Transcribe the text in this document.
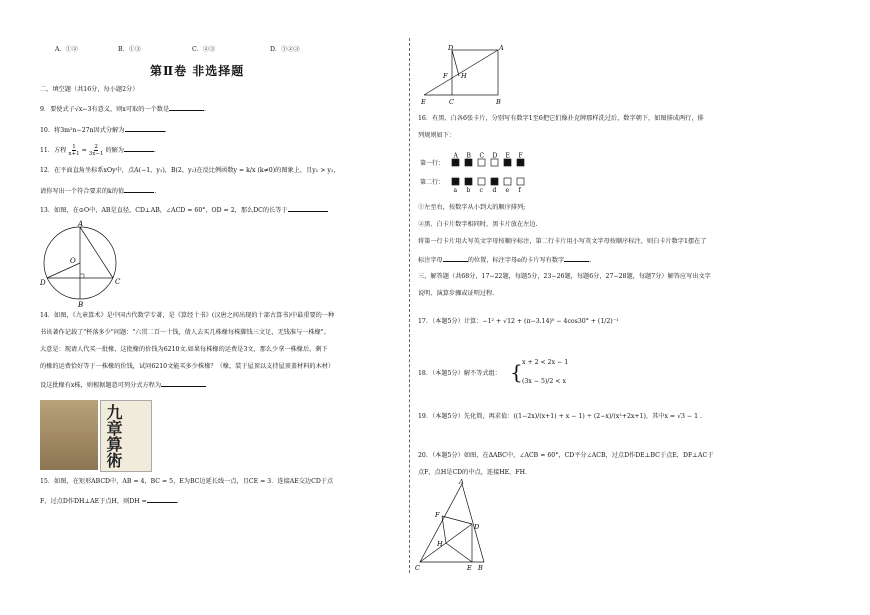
A．①②	B．①③	C．②③	D．①②③
第Ⅱ卷 非选择题
二、填空题（共16分，每小题2分）
9．要使式子√x−3有意义，则x可取的一个数是	.
10．将3m²n−27n因式分解为	.
11．方程 $\frac{1}{x+1} = \frac{2}{3x-1}$ 的解为	.
12．在平面直角坐标系xOy中，点A(−1，y₁)，B(2，y₂)在反比例函数y = k/x (k≠0)的图象上，且y₁ > y₂，
请你写出一个符合要求的k的值	.
13．如图，在⊙O中，AB是直径，CD⊥AB，∠ACD = 60°，OD = 2，那么DC的长等于
A
O
D	C
B
14．如图，《九章算术》是中国古代数学专著，是《算经十书》(汉唐之间出现的十部古算书)中最重要的一种
书该著作记载了"杯落多少"问题："六贯二百一十钱，倩人去买几株椽每株脚钱三文足，无钱准与一株椽"。
大意是：现请人代买一批椽，这批椽的价钱为6210文.如果每株椽的运费是3文，那么少拿一株椽后，剩下
的椽的运费恰好等于一株椽的价钱，试问6210文能买多少株椽？（椽，装于屋顶以支持屋顶盖材料的木材）
设这批椽有x株，则根据题意可列分式方程为
九章算術
15．如图，在矩形ABCD中，AB = 4，BC = 5，E为BC边延长线一点，且CE = 3．连接AE交边CD于点
F，过点D作DH⊥AE于点H，则DH =	.
D	A
F H
E	C	B
16．有黑、白各6张卡片，分别写有数字1至6把它们像扑克牌那样洗过后，数字朝下，如图排成两行，排
列规则如下：
第一行：
第二行：
A B C D E F
a b c d e f
①左至右，按数字从小到大的顺序排列;
②黑、白卡片数字相同时，黑卡片放在左边.
将第一行卡片用大写英文字母按顺序标注，第二行卡片用小写英文字母按顺序标注，则白卡片数字1摆在了
标注字母	的位置，标注字母e的卡片写有数字	.
三、解答题（共68分，17−22题，每题5分，23−26题，每题6分，27−28题，每题7分）解答应写出文字
说明、演算步骤或证明过程.
17．（本题5分）计算：−1² + √12 + (π−3.14)⁰ − 4cos30° + (1/2)⁻¹
18．（本题5分）解不等式组： { x + 2 < 2x − 1
(3x − 5)/2 < x
19．（本题5分）先化简，再求值：((1−2x)/(x+1) + x − 1) ÷ (2−x)/(x²+2x+1)，其中x = √3 − 1 .
20．（本题5分）如图，在ΔABC中，∠ACB = 60°，CD平分∠ACB，过点D作DE⊥BC于点E，DF⊥AC于
点F，点H是CD的中点，连接HE、FH．
A
F
D
H
C	E B
